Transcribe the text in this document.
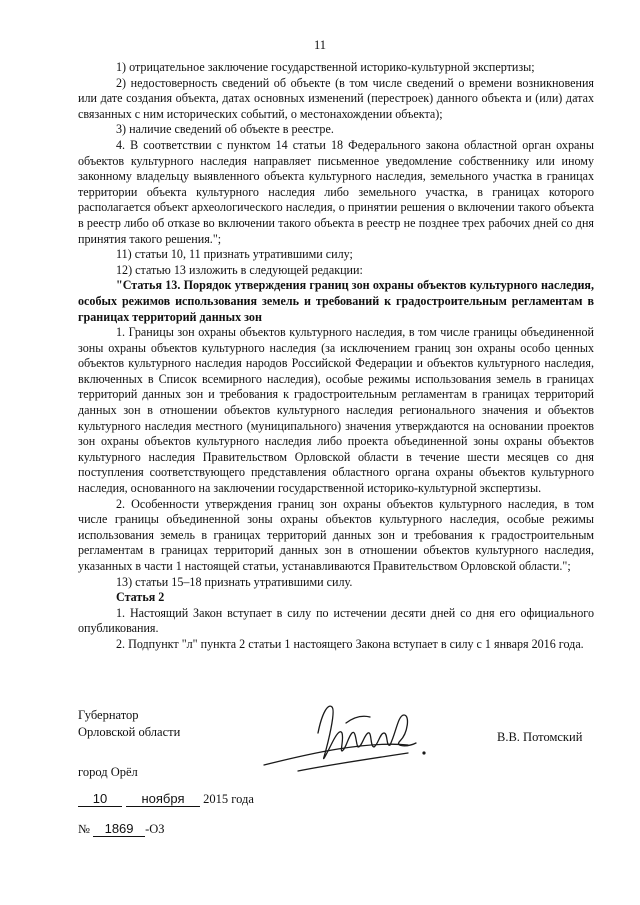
11

1) отрицательное заключение государственной историко-культурной экспертизы;

2) недостоверность сведений об объекте (в том числе сведений о времени возникновения или дате создания объекта, датах основных изменений (перестроек) данного объекта и (или) датах связанных с ним исторических событий, о местонахождении объекта);

3) наличие сведений об объекте в реестре.

4. В соответствии с пунктом 14 статьи 18 Федерального закона областной орган охраны объектов культурного наследия направляет письменное уведомление собственнику или иному законному владельцу выявленного объекта культурного наследия, земельного участка в границах территории объекта культурного наследия либо земельного участка, в границах которого располагается объект археологического наследия, о принятии решения о включении такого объекта в реестр либо об отказе во включении такого объекта в реестр не позднее трех рабочих дней со дня принятия такого решения.";

11) статьи 10, 11 признать утратившими силу;

12) статью 13 изложить в следующей редакции:

"Статья 13. Порядок утверждения границ зон охраны объектов культурного наследия, особых режимов использования земель и требований к градостроительным регламентам в границах территорий данных зон

1. Границы зон охраны объектов культурного наследия, в том числе границы объединенной зоны охраны объектов культурного наследия (за исключением границ зон охраны особо ценных объектов культурного наследия народов Российской Федерации и объектов культурного наследия, включенных в Список всемирного наследия), особые режимы использования земель в границах территорий данных зон и требования к градостроительным регламентам в границах территорий данных зон в отношении объектов культурного наследия регионального значения и объектов культурного наследия местного (муниципального) значения утверждаются на основании проектов зон охраны объектов культурного наследия либо проекта объединенной зоны охраны объектов культурного наследия Правительством Орловской области в течение шести месяцев со дня поступления соответствующего представления областного органа охраны объектов культурного наследия, основанного на заключении государственной историко-культурной экспертизы.

2. Особенности утверждения границ зон охраны объектов культурного наследия, в том числе границы объединенной зоны охраны объектов культурного наследия, особые режимы использования земель в границах территорий данных зон и требования к градостроительным регламентам в границах территорий данных зон в отношении объектов культурного наследия, указанных в части 1 настоящей статьи, устанавливаются Правительством Орловской области.";

13) статьи 15–18 признать утратившими силу.

Статья 2

1. Настоящий Закон вступает в силу по истечении десяти дней со дня его официального опубликования.

2. Подпункт "л" пункта 2 статьи 1 настоящего Закона вступает в силу с 1 января 2016 года.

Губернатор
Орловской области	В.В. Потомский
город Орёл
10	ноября 2015 года
№ 1869 -ОЗ
